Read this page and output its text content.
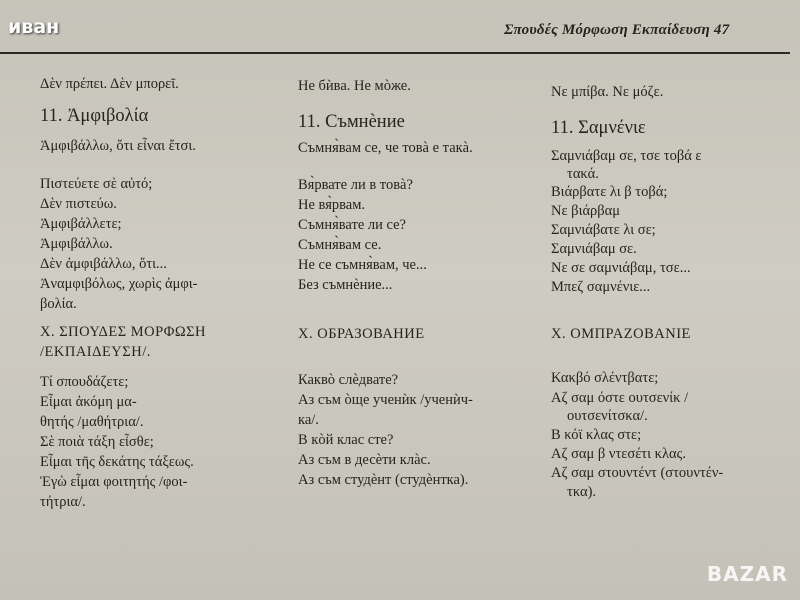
иван	Σπουδές Μόρφωση Εκπαίδευση 47
Δὲν πρέπει. Δὲν μπορεῖ.
11. Ἀμφιβολία
Ἀμφιβάλλω, ὅτι εἶναι ἔτσι.
Πιστεύετε σὲ αὐτό;
Δὲν πιστεύω.
Ἀμφιβάλλετε;
Ἀμφιβάλλω.
Δὲν ἀμφιβάλλω, ὅτι...
Ἀναμφιβόλως, χωρὶς ἀμφι-
βολία.
X. ΣΠΟΥΔΕΣ ΜΟΡΦΩΣΗ
/ΕΚΠΑΙΔΕΥΣΗ/.
Τί σπουδάζετε;
Εἶμαι ἀκόμη μα-
θητής /μαθήτρια/.
Σὲ ποιὰ τάξη εἶσθε;
Εἶμαι τῆς δεκάτης τάξεως.
Ἐγὼ εἶμαι φοιτητής /φοι-
τήτρια/.
Не бѝва. Не мòже.
11. Съмнѐние
Съмня̀вам се, че товà е такà.
Вя̀рвате ли в товà?
Не вя̀рвам.
Съмня̀вате ли се?
Съмня̀вам се.
Не се съмня̀вам, че...
Без съмнѐние...
X. ОБРАЗОВАНИЕ
Каквò слѐдвате?
Аз съм òще ученѝк /ученѝч-
ка/.
В кòй клас сте?
Аз съм в десѐти клàс.
Аз съм студѐнт (студѐнтка).
Νε μπίβα. Νε μόζε.
11. Σαμνένιε
Σαμνιάβαμ σε, τσε τοβά ε
τακά.
Βιάρβατε λι β τοβά;
Νε βιάρβαμ
Σαμνιάβατε λι σε;
Σαμνιάβαμ σε.
Νε σε σαμνιάβαμ, τσε...
Μπεζ σαμνένιε...
X. ΟΜΠΡΑΖΟΒΑΝΙΕ
Κακβό σλέντβατε;
Αζ σαμ όστε ουτσενίκ /
ουτσενίτσκα/.
Β κόϊ κλας στε;
Αζ σαμ β ντεσέτι κλας.
Αζ σαμ στουντέντ (στουντέν-
τκα).
BAZAR
